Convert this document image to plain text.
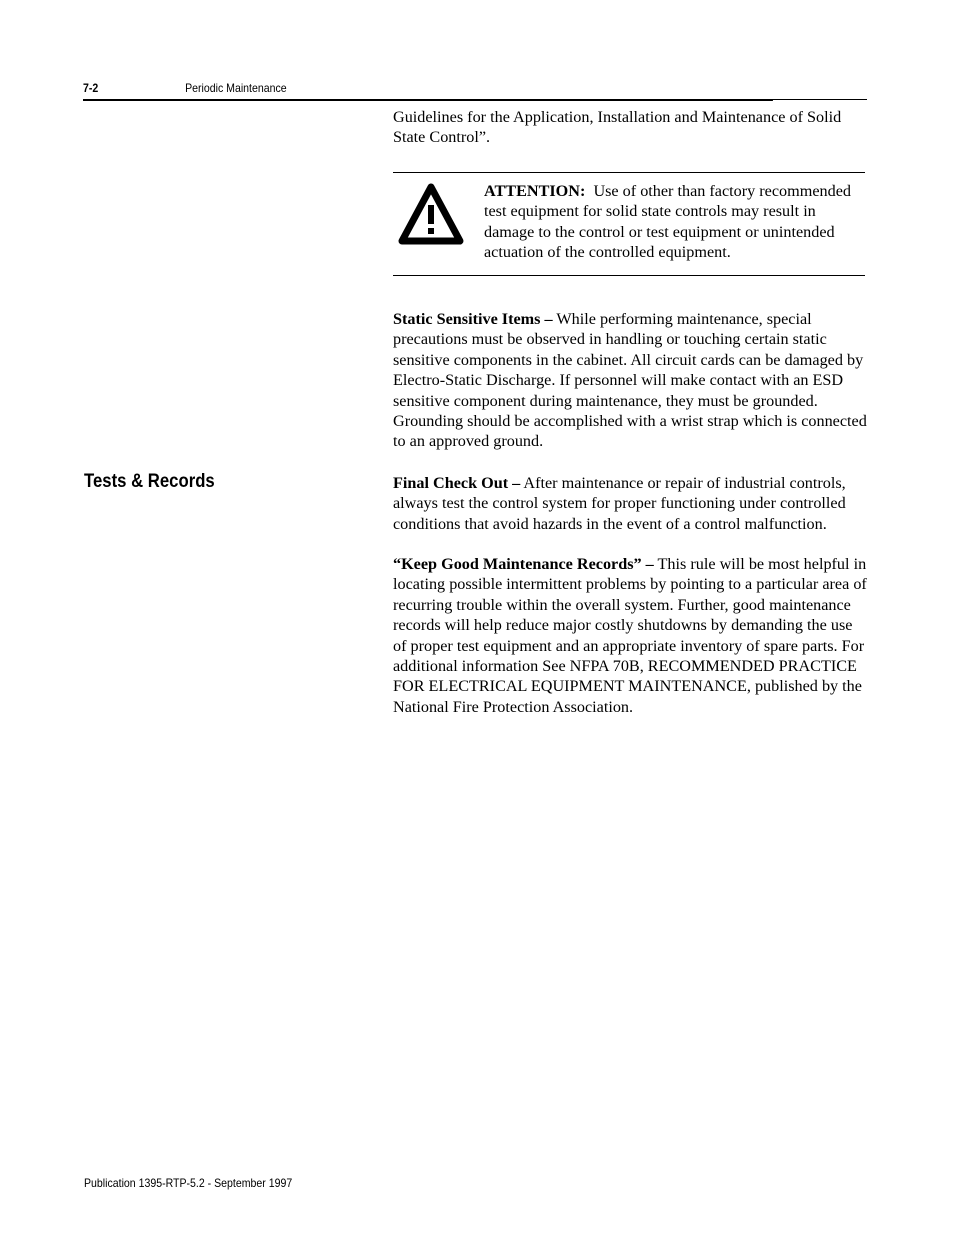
7-2	Periodic Maintenance

Guidelines for the Application, Installation and Maintenance of Solid State Control”.

ATTENTION: Use of other than factory recommended test equipment for solid state controls may result in damage to the control or test equipment or unintended actuation of the controlled equipment.

Static Sensitive Items – While performing maintenance, special precautions must be observed in handling or touching certain static sensitive components in the cabinet. All circuit cards can be damaged by Electro-Static Discharge. If personnel will make contact with an ESD sensitive component during maintenance, they must be grounded. Grounding should be accomplished with a wrist strap which is connected to an approved ground.

Tests & Records	Final Check Out – After maintenance or repair of industrial controls, always test the control system for proper functioning under controlled conditions that avoid hazards in the event of a control malfunction.

“Keep Good Maintenance Records” – This rule will be most helpful in locating possible intermittent problems by pointing to a particular area of recurring trouble within the overall system. Further, good maintenance records will help reduce major costly shutdowns by demanding the use of proper test equipment and an appropriate inventory of spare parts. For additional information See NFPA 70B, RECOMMENDED PRACTICE FOR ELECTRICAL EQUIPMENT MAINTENANCE, published by the National Fire Protection Association.

Publication 1395-RTP-5.2 - September 1997
